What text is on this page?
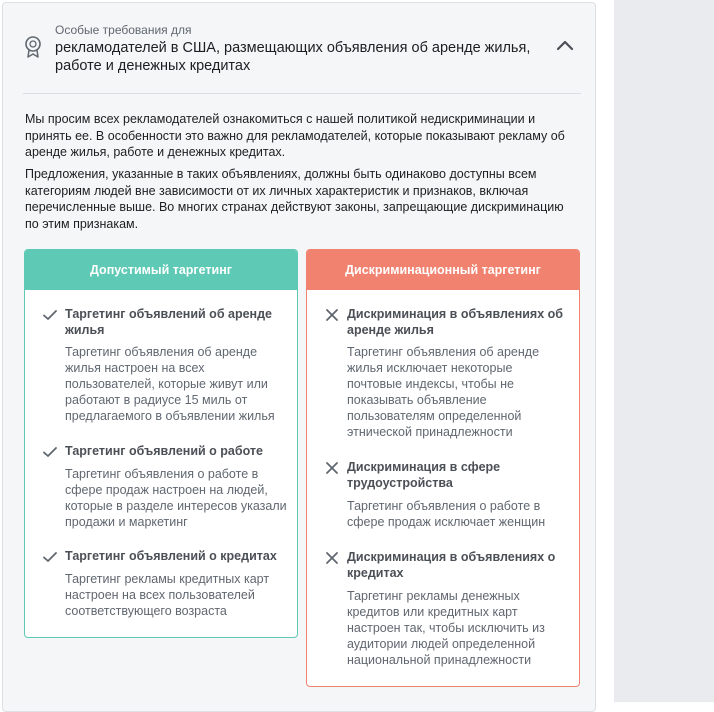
Особые требования для
рекламодателей в США, размещающих объявления об аренде жилья, работе и денежных кредитах

Мы просим всех рекламодателей ознакомиться с нашей политикой недискриминации и принять ее. В особенности это важно для рекламодателей, которые показывают рекламу об аренде жилья, работе и денежных кредитах.

Предложения, указанные в таких объявлениях, должны быть одинаково доступны всем категориям людей вне зависимости от их личных характеристик и признаков, включая перечисленные выше. Во многих странах действуют законы, запрещающие дискриминацию по этим признакам.

Допустимый таргетинг
Таргетинг объявлений об аренде жилья
Таргетинг объявления об аренде жилья настроен на всех пользователей, которые живут или работают в радиусе 15 миль от предлагаемого в объявлении жилья
Таргетинг объявлений о работе
Таргетинг объявления о работе в сфере продаж настроен на людей, которые в разделе интересов указали продажи и маркетинг
Таргетинг объявлений о кредитах
Таргетинг рекламы кредитных карт настроен на всех пользователей соответствующего возраста
Дискриминационный таргетинг
Дискриминация в объявлениях об аренде жилья
Таргетинг объявления об аренде жилья исключает некоторые почтовые индексы, чтобы не показывать объявление пользователям определенной этнической принадлежности
Дискриминация в сфере трудоустройства
Таргетинг объявления о работе в сфере продаж исключает женщин
Дискриминация в объявлениях о кредитах
Таргетинг рекламы денежных кредитов или кредитных карт настроен так, чтобы исключить из аудитории людей определенной национальной принадлежности
